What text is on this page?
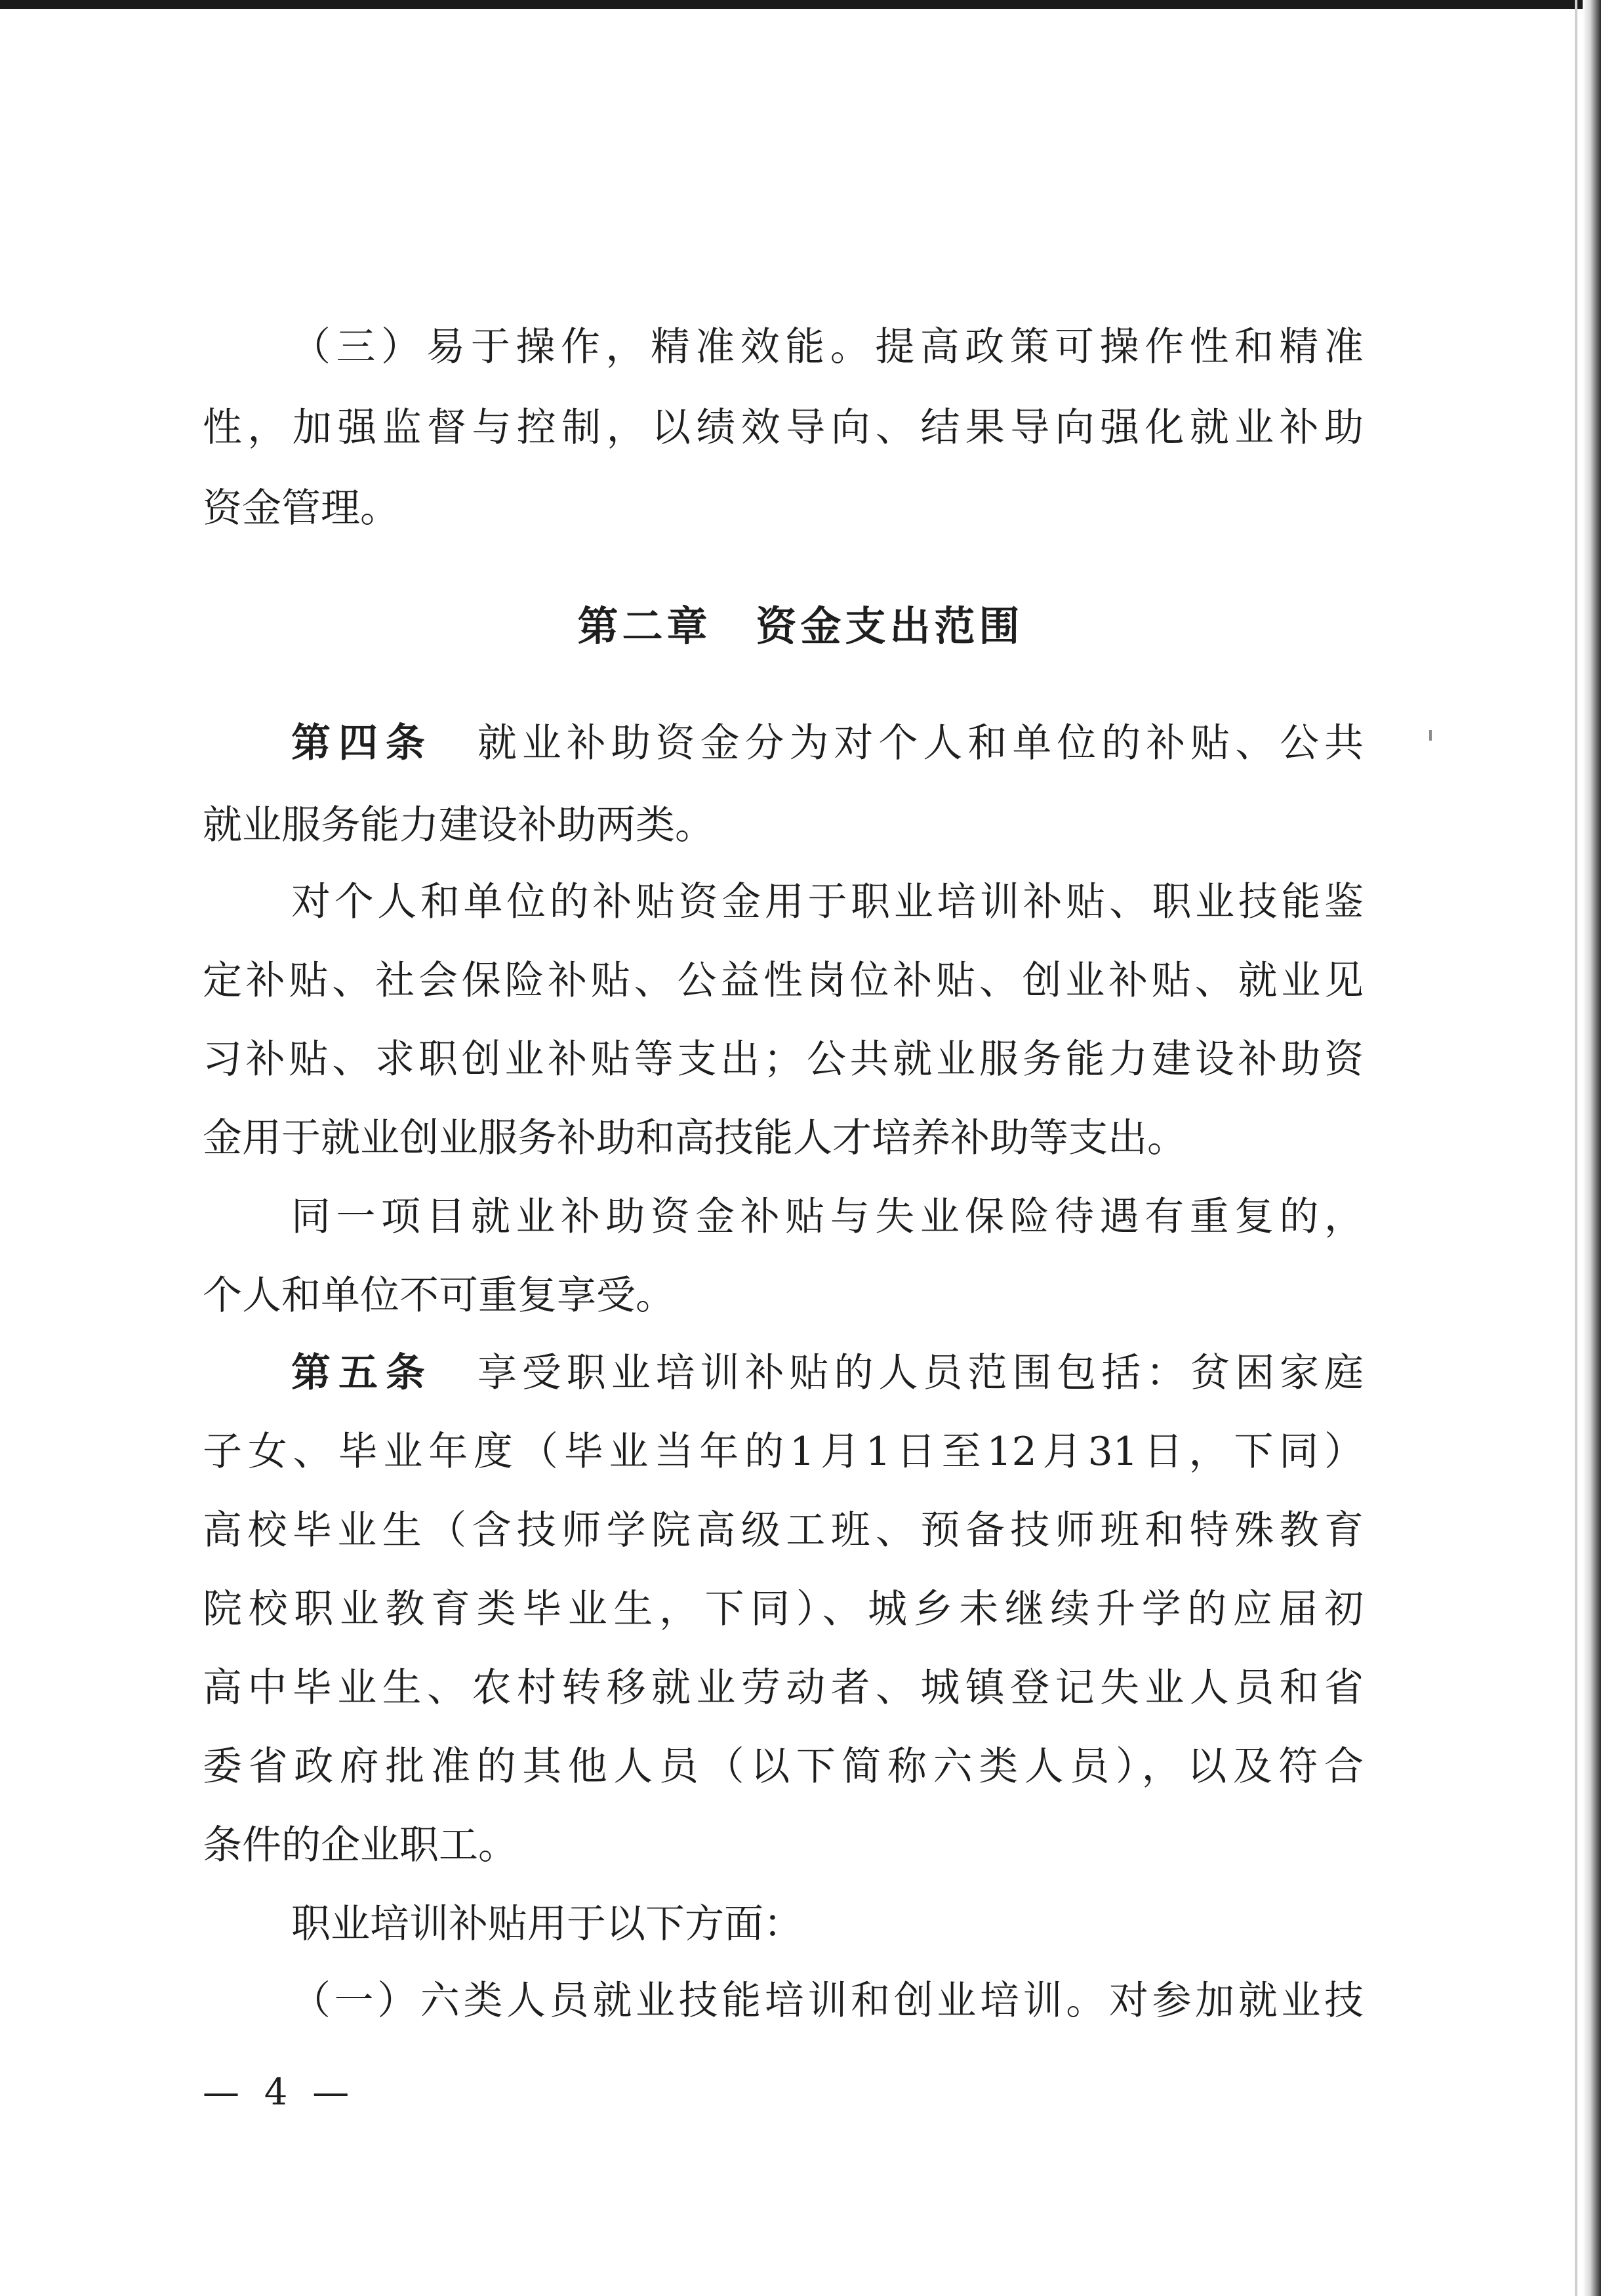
（三）易于操作，精准效能。提高政策可操作性和精准

性，加强监督与控制，以绩效导向、结果导向强化就业补助

资金管理。

第二章　资金支出范围

第四条　 就业补助资金分为对个人和单位的补贴、公共

就业服务能力建设补助两类。

对个人和单位的补贴资金用于职业培训补贴、职业技能鉴

定补贴、社会保险补贴、公益性岗位补贴、创业补贴、就业见

习补贴、求职创业补贴等支出；公共就业服务能力建设补助资

金用于就业创业服务补助和高技能人才培养补助等支出。

同一项目就业补助资金补贴与失业保险待遇有重复的，

个人和单位不可重复享受。

第五条　 享受职业培训补贴的人员范围包括：贫困家庭

子女、毕业年度（毕业当年的1月1日至12月31日，下同）

高校毕业生（含技师学院高级工班、预备技师班和特殊教育

院校职业教育类毕业生，下同）、城乡未继续升学的应届初

高中毕业生、农村转移就业劳动者、城镇登记失业人员和省

委省政府批准的其他人员（以下简称六类人员），以及符合

条件的企业职工。

职业培训补贴用于以下方面：

（一）六类人员就业技能培训和创业培训。对参加就业技

— 4 —
